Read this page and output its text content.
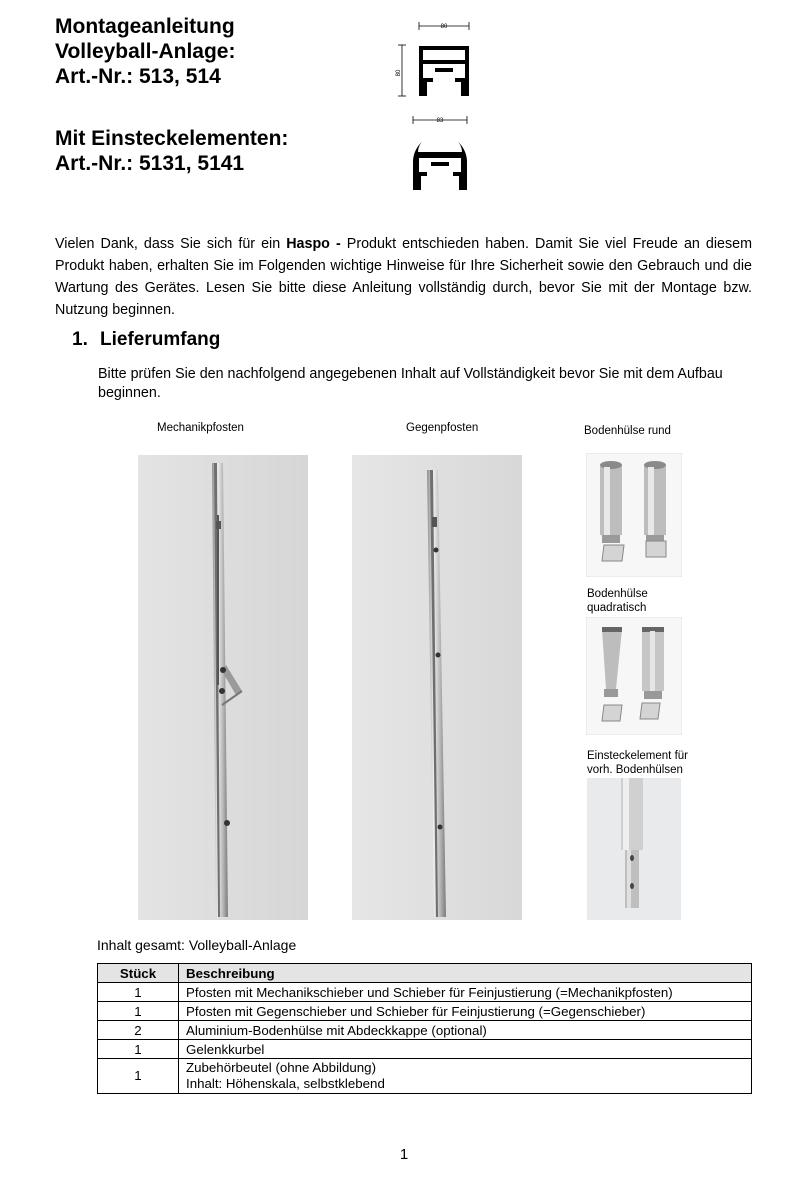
Montageanleitung
Volleyball-Anlage:
Art.-Nr.: 513, 514
Mit Einsteckelementen:
Art.-Nr.: 5131, 5141
80
80
83
Vielen Dank, dass Sie sich für ein Haspo - Produkt entschieden haben. Damit Sie viel Freude an diesem Produkt haben, erhalten Sie im Folgenden wichtige Hinweise für Ihre Sicherheit sowie den Gebrauch und die Wartung des Gerätes. Lesen Sie bitte diese Anleitung vollständig durch, bevor Sie mit der Montage bzw. Nutzung beginnen.
1. Lieferumfang
Bitte prüfen Sie den nachfolgend angegebenen Inhalt auf Vollständigkeit bevor Sie mit dem Aufbau beginnen.
Mechanikpfosten	Gegenpfosten	Bodenhülse rund
Bodenhülse
quadratisch
Einsteckelement für
vorh. Bodenhülsen
Inhalt gesamt: Volleyball-Anlage
Stück	Beschreibung
1	Pfosten mit Mechanikschieber und Schieber für Feinjustierung (=Mechanikpfosten)
1	Pfosten mit Gegenschieber und Schieber für Feinjustierung (=Gegenschieber)
2	Aluminium-Bodenhülse mit Abdeckkappe (optional)
1	Gelenkkurbel
1	Zubehörbeutel (ohne Abbildung)
Inhalt: Höhenskala, selbstklebend
1
